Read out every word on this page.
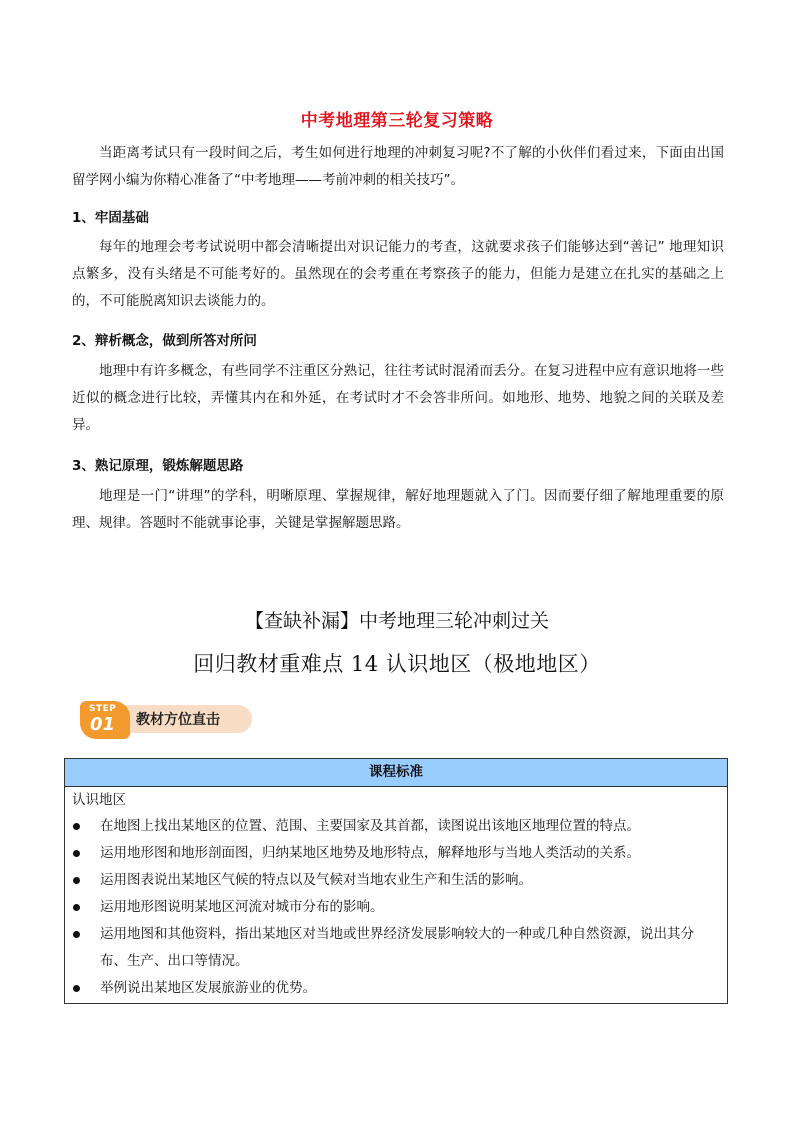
中考地理第三轮复习策略

当距离考试只有一段时间之后，考生如何进行地理的冲刺复习呢?不了解的小伙伴们看过来，下面由出国留学网小编为你精心准备了“中考地理——考前冲刺的相关技巧”。

1、牢固基础

每年的地理会考考试说明中都会清晰提出对识记能力的考查，这就要求孩子们能够达到“善记” 地理知识点繁多，没有头绪是不可能考好的。虽然现在的会考重在考察孩子的能力，但能力是建立在扎实的基础之上的，不可能脱离知识去谈能力的。

2、辩析概念，做到所答对所问

地理中有许多概念，有些同学不注重区分熟记，往往考试时混淆而丢分。在复习进程中应有意识地将一些近似的概念进行比较，弄懂其内在和外延，在考试时才不会答非所问。如地形、地势、地貌之间的关联及差异。

3、熟记原理，锻炼解题思路

地理是一门“讲理”的学科，明晰原理、掌握规律，解好地理题就入了门。因而要仔细了解地理重要的原理、规律。答题时不能就事论事，关键是掌握解题思路。

【查缺补漏】中考地理三轮冲刺过关
回归教材重难点 14 认识地区（极地地区）
STEP
01 教材方位直击
课程标准
认识地区
在地图上找出某地区的位置、范围、主要国家及其首都，读图说出该地区地理位置的特点。
运用地形图和地形剖面图，归纳某地区地势及地形特点，解释地形与当地人类活动的关系。
运用图表说出某地区气候的特点以及气候对当地农业生产和生活的影响。
运用地形图说明某地区河流对城市分布的影响。
运用地图和其他资料，指出某地区对当地或世界经济发展影响较大的一种或几种自然资源，说出其分布、生产、出口等情况。
举例说出某地区发展旅游业的优势。
